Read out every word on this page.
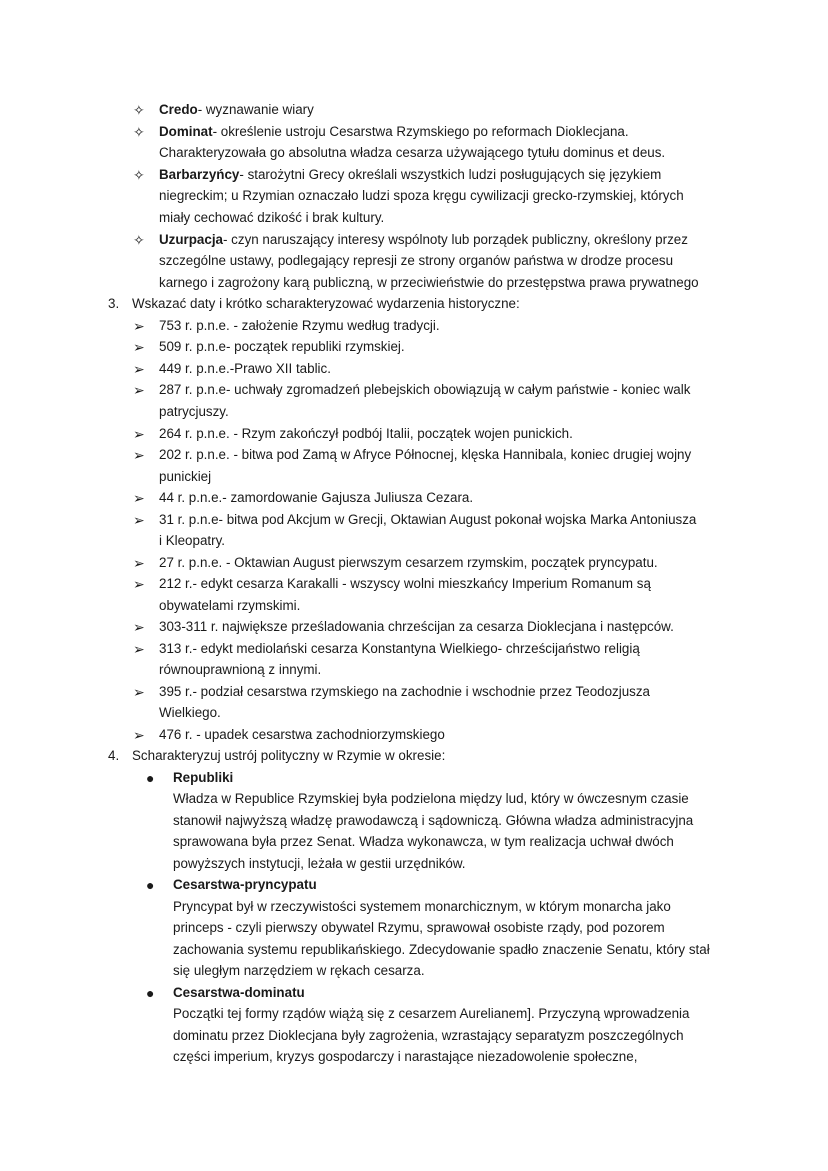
✧ Credo- wyznawanie wiary
✧ Dominat- określenie ustroju Cesarstwa Rzymskiego po reformach Dioklecjana.
Charakteryzowała go absolutna władza cesarza używającego tytułu dominus et deus.
✧ Barbarzyńcy- starożytni Grecy określali wszystkich ludzi posługujących się językiem
niegreckim; u Rzymian oznaczało ludzi spoza kręgu cywilizacji grecko-rzymskiej, których
miały cechować dzikość i brak kultury.
✧ Uzurpacja- czyn naruszający interesy wspólnoty lub porządek publiczny, określony przez
szczególne ustawy, podlegający represji ze strony organów państwa w drodze procesu
karnego i zagrożony karą publiczną, w przeciwieństwie do przestępstwa prawa prywatnego
3. Wskazać daty i krótko scharakteryzować wydarzenia historyczne:
➢ 753 r. p.n.e. - założenie Rzymu według tradycji.
➢ 509 r. p.n.e- początek republiki rzymskiej.
➢ 449 r. p.n.e.-Prawo XII tablic.
➢ 287 r. p.n.e- uchwały zgromadzeń plebejskich obowiązują w całym państwie - koniec walk
patrycjuszy.
➢ 264 r. p.n.e. - Rzym zakończył podbój Italii, początek wojen punickich.
➢ 202 r. p.n.e. - bitwa pod Zamą w Afryce Północnej, klęska Hannibala, koniec drugiej wojny
punickiej
➢ 44 r. p.n.e.- zamordowanie Gajusza Juliusza Cezara.
➢ 31 r. p.n.e- bitwa pod Akcjum w Grecji, Oktawian August pokonał wojska Marka Antoniusza
i Kleopatry.
➢ 27 r. p.n.e. - Oktawian August pierwszym cesarzem rzymskim, początek pryncypatu.
➢ 212 r.- edykt cesarza Karakalli - wszyscy wolni mieszkańcy Imperium Romanum są
obywatelami rzymskimi.
➢ 303-311 r. największe prześladowania chrześcijan za cesarza Dioklecjana i następców.
➢ 313 r.- edykt mediolański cesarza Konstantyna Wielkiego- chrześcijaństwo religią
równouprawnioną z innymi.
➢ 395 r.- podział cesarstwa rzymskiego na zachodnie i wschodnie przez Teodozjusza
Wielkiego.
➢ 476 r. - upadek cesarstwa zachodniorzymskiego
4. Scharakteryzuj ustrój polityczny w Rzymie w okresie:
● Republiki
Władza w Republice Rzymskiej była podzielona między lud, który w ówczesnym czasie
stanowił najwyższą władzę prawodawczą i sądowniczą. Główna władza administracyjna
sprawowana była przez Senat. Władza wykonawcza, w tym realizacja uchwał dwóch
powyższych instytucji, leżała w gestii urzędników.
● Cesarstwa-pryncypatu
Pryncypat był w rzeczywistości systemem monarchicznym, w którym monarcha jako
princeps - czyli pierwszy obywatel Rzymu, sprawował osobiste rządy, pod pozorem
zachowania systemu republikańskiego. Zdecydowanie spadło znaczenie Senatu, który stał
się uległym narzędziem w rękach cesarza.
● Cesarstwa-dominatu
Początki tej formy rządów wiążą się z cesarzem Aurelianem]. Przyczyną wprowadzenia
dominatu przez Dioklecjana były zagrożenia, wzrastający separatyzm poszczególnych
części imperium, kryzys gospodarczy i narastające niezadowolenie społeczne,
